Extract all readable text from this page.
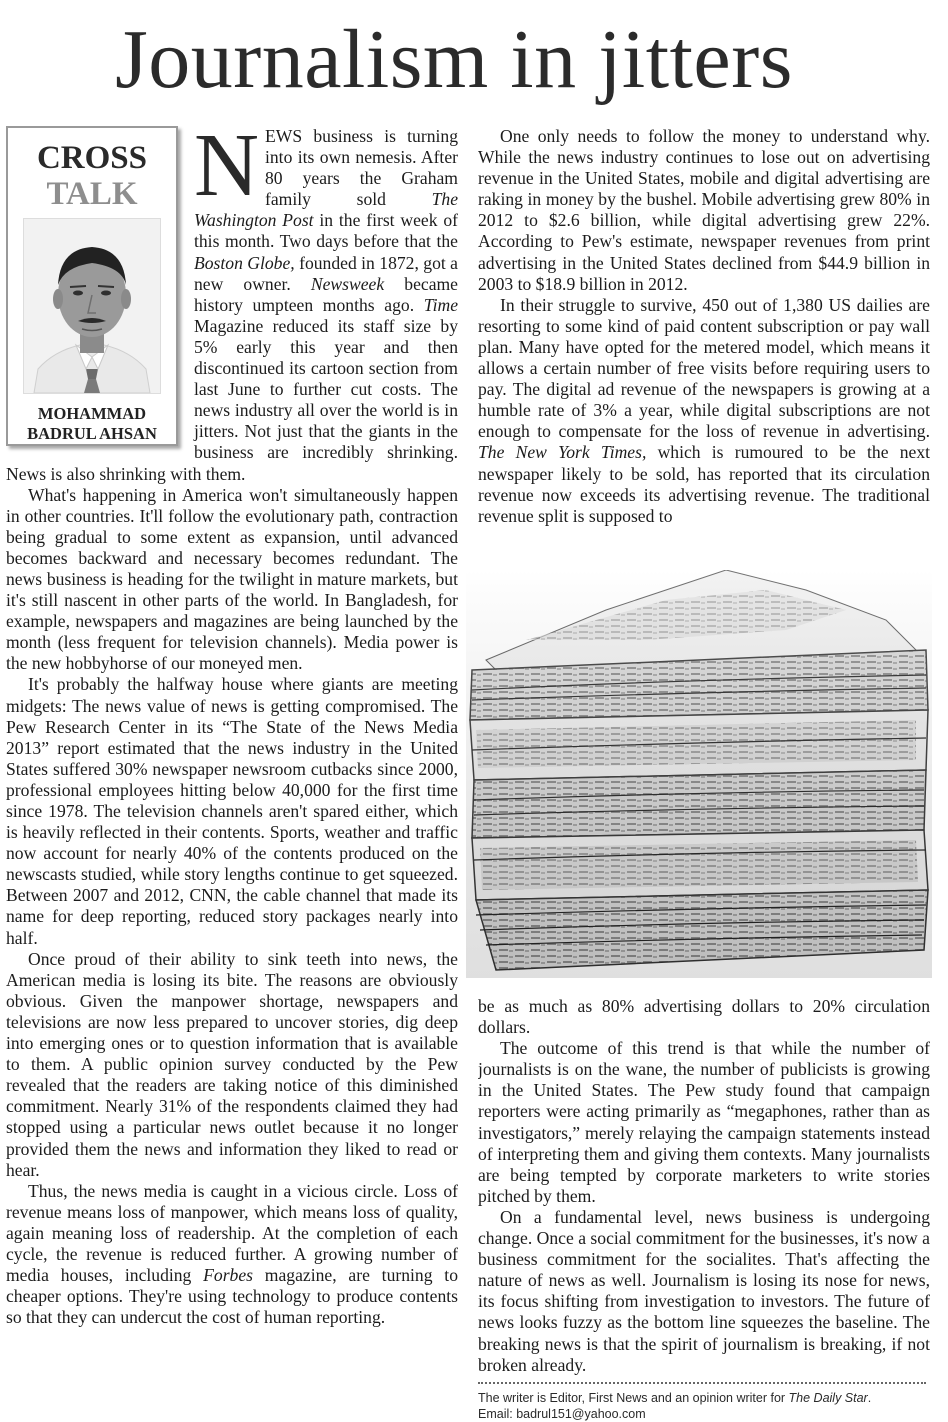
Journalism in jitters
CROSS
TALK
MOHAMMAD
BADRUL AHSAN
N EWS business is turning into its own nemesis. After 80 years the Graham family sold The Washington Post in the first week of this month. Two days before that the Boston Globe, founded in 1872, got a new owner. Newsweek became history umpteen months ago. Time Magazine reduced its staff size by 5% early this year and then discontinued its cartoon section from last June to further cut costs. The news industry all over the world is in jitters. Not just that the giants in the business are incredibly shrinking. News is also shrinking with them.

What's happening in America won't simultaneously happen in other countries. It'll follow the evolutionary path, contraction being gradual to some extent as expansion, until advanced becomes backward and necessary becomes redundant. The news business is heading for the twilight in mature markets, but it's still nascent in other parts of the world. In Bangladesh, for example, newspapers and magazines are being launched by the month (less frequent for television channels). Media power is the new hobbyhorse of our moneyed men.

It's probably the halfway house where giants are meeting midgets: The news value of news is getting compromised. The Pew Research Center in its “The State of the News Media 2013” report estimated that the news industry in the United States suffered 30% newspaper newsroom cutbacks since 2000, professional employees hitting below 40,000 for the first time since 1978. The television channels aren't spared either, which is heavily reflected in their contents. Sports, weather and traffic now account for nearly 40% of the contents produced on the newscasts studied, while story lengths continue to get squeezed. Between 2007 and 2012, CNN, the cable channel that made its name for deep reporting, reduced story packages nearly into half.

Once proud of their ability to sink teeth into news, the American media is losing its bite. The reasons are obviously obvious. Given the manpower shortage, newspapers and televisions are now less prepared to uncover stories, dig deep into emerging ones or to question information that is available to them. A public opinion survey conducted by the Pew revealed that the readers are taking notice of this diminished commitment. Nearly 31% of the respondents claimed they had stopped using a particular news outlet because it no longer provided them the news and information they liked to read or hear.

Thus, the news media is caught in a vicious circle. Loss of revenue means loss of manpower, which means loss of quality, again meaning loss of readership. At the completion of each cycle, the revenue is reduced further. A growing number of media houses, including Forbes magazine, are turning to cheaper options. They're using technology to produce contents so that they can undercut the cost of human reporting.

One only needs to follow the money to understand why. While the news industry continues to lose out on advertising revenue in the United States, mobile and digital advertising are raking in money by the bushel. Mobile advertising grew 80% in 2012 to $2.6 billion, while digital advertising grew 22%. According to Pew's estimate, newspaper revenues from print advertising in the United States declined from $44.9 billion in 2003 to $18.9 billion in 2012.

In their struggle to survive, 450 out of 1,380 US dailies are resorting to some kind of paid content subscription or pay wall plan. Many have opted for the metered model, which means it allows a certain number of free visits before requiring users to pay. The digital ad revenue of the newspapers is growing at a humble rate of 3% a year, while digital subscriptions are not enough to compensate for the loss of revenue in advertising. The New York Times, which is rumoured to be the next newspaper likely to be sold, has reported that its circulation revenue now exceeds its advertising revenue. The traditional revenue split is supposed to

be as much as 80% advertising dollars to 20% circulation dollars.

The outcome of this trend is that while the number of journalists is on the wane, the number of publicists is growing in the United States. The Pew study found that campaign reporters were acting primarily as “megaphones, rather than as investigators,” merely relaying the campaign statements instead of interpreting them and giving them contexts. Many journalists are being tempted by corporate marketers to write stories pitched by them.

On a fundamental level, news business is undergoing change. Once a social commitment for the businesses, it's now a business commitment for the socialites. That's affecting the nature of news as well. Journalism is losing its nose for news, its focus shifting from investigation to investors. The future of news looks fuzzy as the bottom line squeezes the baseline. The breaking news is that the spirit of journalism is breaking, if not broken already.

The writer is Editor, First News and an opinion writer for The Daily Star.
Email: badrul151@yahoo.com
